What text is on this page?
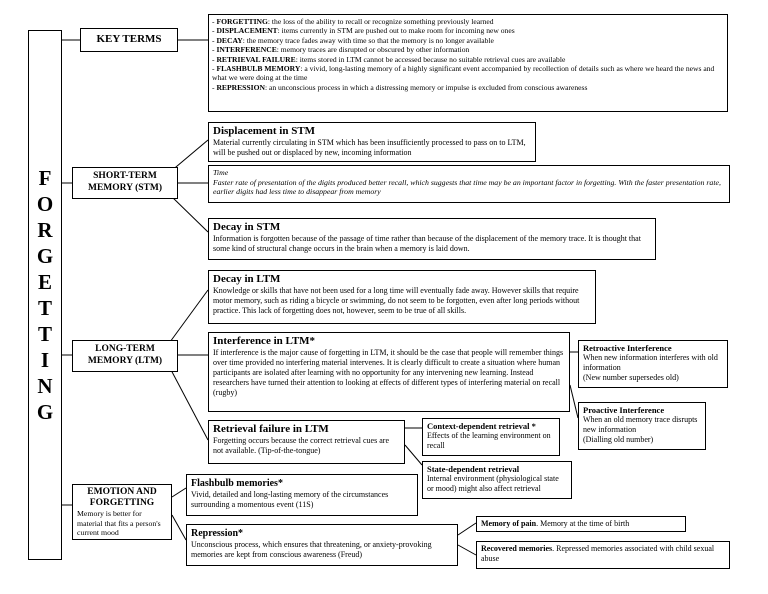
F
O
R
G
E
T
T
I
N
G
KEY TERMS
- FORGETTING: the loss of the ability to recall or recognize something previously learned
- DISPLACEMENT: items currently in STM are pushed out to make room for incoming new ones
- DECAY: the memory trace fades away with time so that the memory is no longer available
- INTERFERENCE: memory traces are disrupted or obscured by other information
- RETRIEVAL FAILURE: items stored in LTM cannot be accessed because no suitable retrieval cues are available
- FLASHBULB MEMORY: a vivid, long-lasting memory of a highly significant event accompanied by recollection of details such as where we heard the news and what we were doing at the time
- REPRESSION: an unconscious process in which a distressing memory or impulse is excluded from conscious awareness
SHORT-TERM MEMORY (STM)
Displacement in STM
Material currently circulating in STM which has been insufficiently processed to pass on to LTM, will be pushed out or displaced by new, incoming information
Time
Faster rate of presentation of the digits produced better recall, which suggests that time may be an important factor in forgetting. With the faster presentation rate, earlier digits had less time to disappear from memory
Decay in STM
Information is forgotten because of the passage of time rather than because of the displacement of the memory trace. It is thought that some kind of structural change occurs in the brain when a memory is laid down.
LONG-TERM MEMORY (LTM)
Decay in LTM
Knowledge or skills that have not been used for a long time will eventually fade away. However skills that require motor memory, such as riding a bicycle or swimming, do not seem to be forgotten, even after long periods without practice. This lack of forgetting does not, however, seem to be true of all skills.
Interference in LTM*
If interference is the major cause of forgetting in LTM, it should be the case that people will remember things over time provided no interfering material intervenes. It is clearly difficult to create a situation where human participants are isolated after learning with no opportunity for any intervening new learning. Instead researchers have turned their attention to looking at effects of different types of interfering material on recall (rugby)
Retroactive Interference
When new information interferes with old information
(New number supersedes old)
Proactive Interference
When an old memory trace disrupts new information
(Dialling old number)
Retrieval failure in LTM
Forgetting occurs because the correct retrieval cues are not available. (Tip-of-the-tongue)
Context-dependent retrieval *
Effects of the learning environment on recall
State-dependent retrieval
Internal environment (physiological state or mood) might also affect retrieval
EMOTION AND FORGETTING
Memory is better for material that fits a person's current mood
Flashbulb memories*
Vivid, detailed and long-lasting memory of the circumstances surrounding a momentous event (11S)
Repression*
Unconscious process, which ensures that threatening, or anxiety-provoking memories are kept from conscious awareness (Freud)
Memory of pain. Memory at the time of birth
Recovered memories. Repressed memories associated with child sexual abuse
